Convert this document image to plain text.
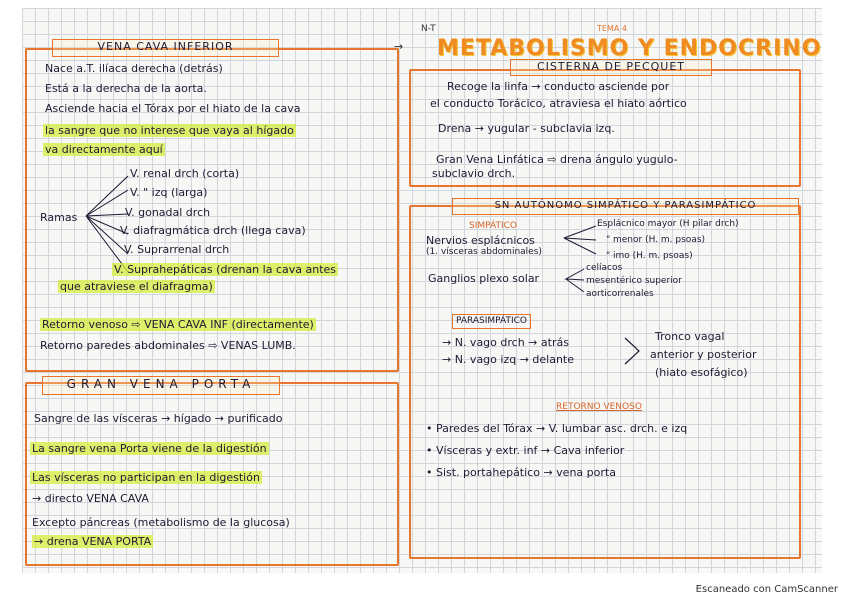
TEMA 4
N-T
METABOLISMO Y ENDOCRINO
→
VENA CAVA INFERIOR
Nace a.T. ilíaca derecha (detrás)
Está a la derecha de la aorta.
Asciende hacia el Tórax por el hiato de la cava
la sangre que no interese que vaya al hígado
va directamente aquí
Ramas
V. renal drch (corta)
V. " izq (larga)
V. gonadal drch
V. diafragmática drch (llega cava)
V. Suprarrenal drch
V. Suprahepáticas (drenan la cava antes
que atraviese el diafragma)
Retorno venoso ⇨ VENA CAVA INF (directamente)
Retorno paredes abdominales ⇨ VENAS LUMB.
GRAN VENA PORTA
Sangre de las vísceras → hígado → purificado
La sangre vena Porta viene de la digestión
Las vísceras no participan en la digestión
→ directo VENA CAVA
Excepto páncreas (metabolismo de la glucosa)
→ drena VENA PORTA
CISTERNA DE PECQUET
Recoge la linfa → conducto asciende por
el conducto Torácico, atraviesa el hiato aórtico
Drena → yugular - subclavia izq.
Gran Vena Linfática ⇨ drena ángulo yugulo-
subclavio drch.
SN AUTÓNOMO SIMPÁTICO Y PARASIMPÁTICO
SIMPÁTICO
Nervios esplácnicos
(1. vísceras abdominales)
Esplácnico mayor (H pilar drch)
" menor (H. m. psoas)
" imo (H. m. psoas)
Ganglios plexo solar
celíacos
mesentérico superior
aorticorrenales
PARASIMPÁTICO
→ N. vago drch → atrás
→ N. vago izq → delante
Tronco vagal
anterior y posterior
(hiato esofágico)
RETORNO VENOSO
• Paredes del Tórax → V. lumbar asc. drch. e izq
• Vísceras y extr. inf → Cava inferior
• Sist. portahepático → vena porta
Escaneado con CamScanner
